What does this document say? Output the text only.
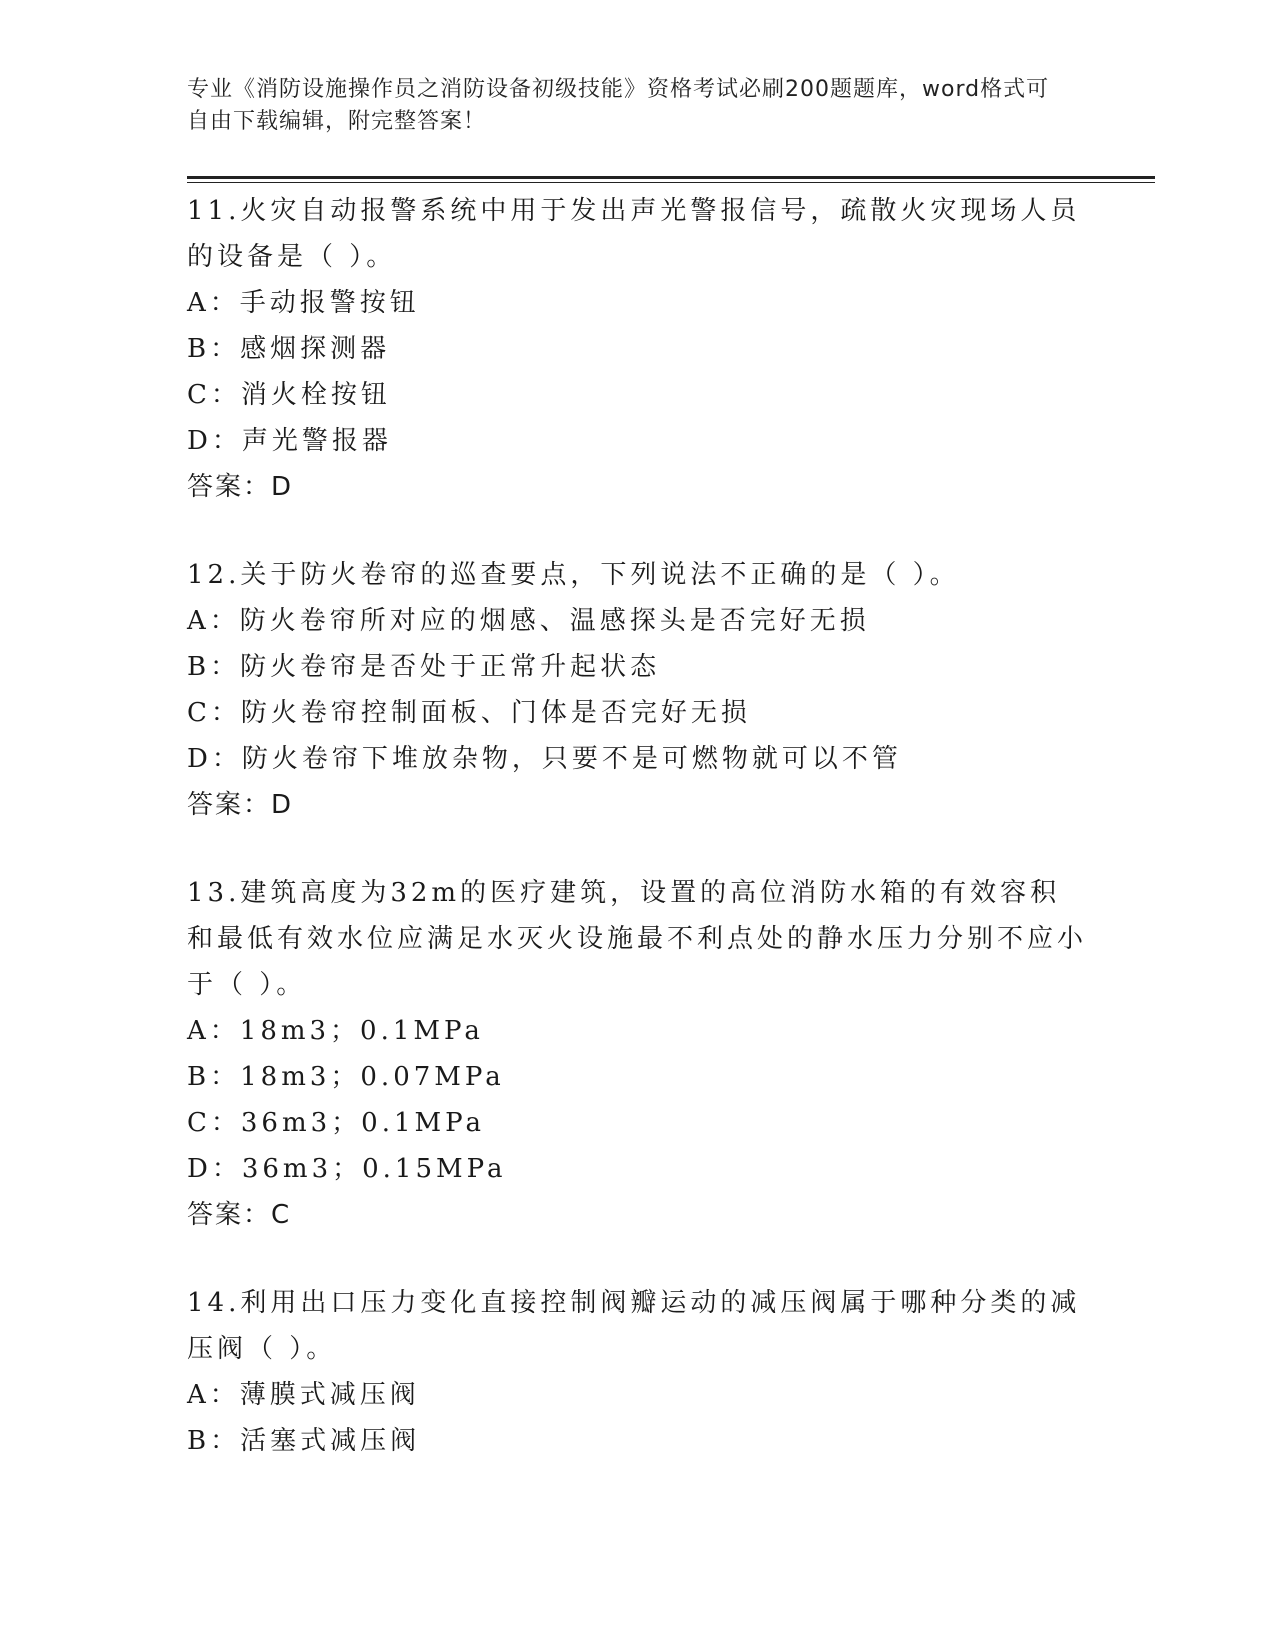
专业《消防设施操作员之消防设备初级技能》资格考试必刷200题题库，word格式可自由下载编辑，附完整答案！

11.火灾自动报警系统中用于发出声光警报信号，疏散火灾现场人员的设备是（ ）。

A：手动报警按钮

B：感烟探测器

C：消火栓按钮

D：声光警报器

答案：D

12.关于防火卷帘的巡查要点，下列说法不正确的是（ ）。

A：防火卷帘所对应的烟感、温感探头是否完好无损

B：防火卷帘是否处于正常升起状态

C：防火卷帘控制面板、门体是否完好无损

D：防火卷帘下堆放杂物，只要不是可燃物就可以不管

答案：D

13.建筑高度为32m的医疗建筑，设置的高位消防水箱的有效容积和最低有效水位应满足水灭火设施最不利点处的静水压力分别不应小于（ ）。

A：18m3；0.1MPa

B：18m3；0.07MPa

C：36m3；0.1MPa

D：36m3；0.15MPa

答案：C

14.利用出口压力变化直接控制阀瓣运动的减压阀属于哪种分类的减压阀（ ）。

A：薄膜式减压阀

B：活塞式减压阀
